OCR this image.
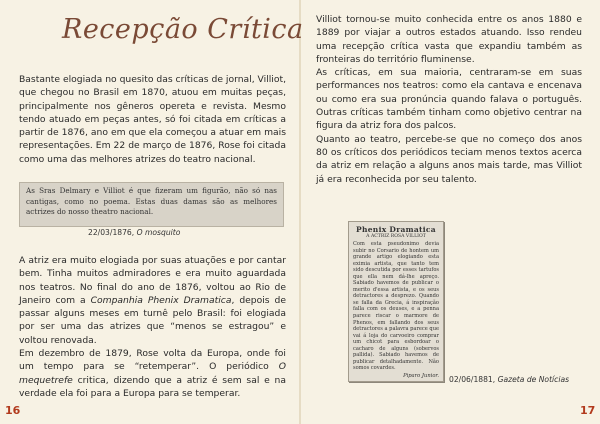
Recepção Crítica

Bastante elogiada no quesito das críticas de jornal, Villiot, que chegou no Brasil em 1870, atuou em muitas peças, principalmente nos gêneros opereta e revista. Mesmo tendo atuado em peças antes, só foi citada em críticas a partir de 1876, ano em que ela começou a atuar em mais representações. Em 22 de março de 1876, Rose foi citada como uma das melhores atrizes do teatro nacional.

As Sras Delmary e Villiot é que fizeram um figurão, não só nas cantigas, como no poema. Estas duas damas são as melhores actrizes do nosso theatro nacional.
22/03/1876, O mosquito

A atriz era muito elogiada por suas atuações e por cantar bem. Tinha muitos admiradores e era muito aguardada nos teatros. No final do ano de 1876, voltou ao Rio de Janeiro com a Companhia Phenix Dramatica, depois de passar alguns meses em turnê pelo Brasil: foi elogiada por ser uma das atrizes que “menos se estragou” e voltou renovada.

Em dezembro de 1879, Rose volta da Europa, onde foi um tempo para se “retemperar”. O periódico O mequetrefe critica, dizendo que a atriz é sem sal e na verdade ela foi para a Europa para se temperar.

16

Villiot tornou-se muito conhecida entre os anos 1880 e 1889 por viajar a outros estados atuando. Isso rendeu uma recepção crítica vasta que expandiu também as fronteiras do território fluminense.

As críticas, em sua maioria, centraram-se em suas performances nos teatros: como ela cantava e encenava ou como era sua pronúncia quando falava o português. Outras críticas também tinham como objetivo centrar na figura da atriz fora dos palcos.

Quanto ao teatro, percebe-se que no começo dos anos 80 os críticos dos periódicos teciam menos textos acerca da atriz em relação a alguns anos mais tarde, mas Villiot já era reconhecida por seu talento.

Phenix Dramatica
A ACTRIZ ROSA VILLIOT
Com esta pseudonimo devia subir no Corsario de hontem um grande artigo elogiando esta eximia artista, que tanto tem sido descutida por esses tartufos que ella nem dá-lhe apreço. Sabiado havemos de publicar o merito d'essa artista, e os seus detractores a desprezo. Quando se falla da Grecia, á inspiração falla com os deuses, e a penna parece riscar o marmore de Phenos, em fallando dos seus detractores a palavra parece que vai á loja do carvoeiro comprar um chicot para esbordoar o cacharo de alguns (sobervos pallida). Sabiado havemos de publicar detalhadamente. Não somos covardes.
Piparo Junior. 02/06/1881, Gazeta de Notícias
17
